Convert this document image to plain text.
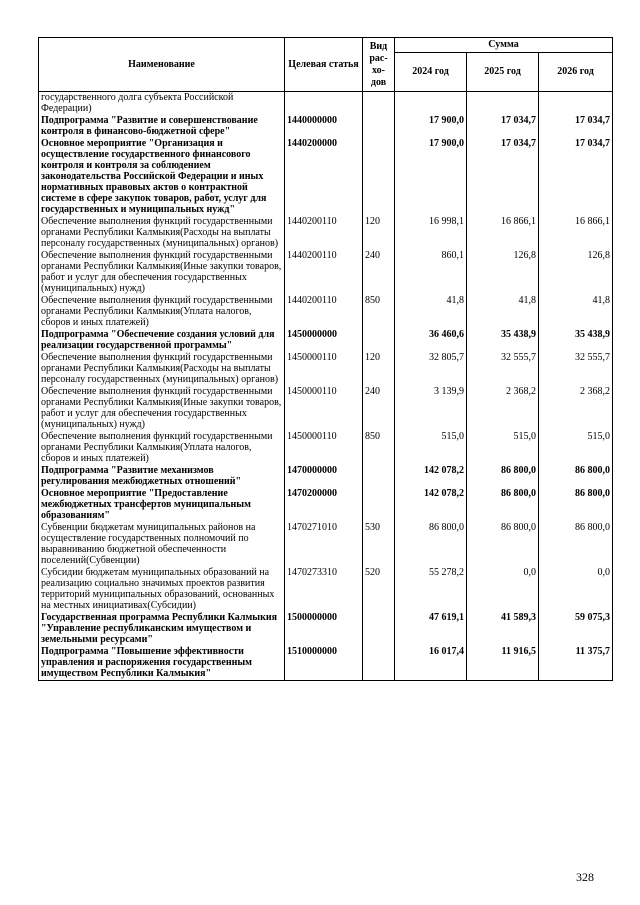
Наименование	Целевая статья	Вид
рас-
хо-
дов	Сумма		
			2024 год	2025 год	2026 год
государственного долга субъекта Российской Федерации)					
Подпрограмма "Развитие и совершенствование контроля в финансово-бюджетной сфере"	1440000000		17 900,0	17 034,7	17 034,7
Основное мероприятие "Организация и осуществление государственного финансового контроля и контроля за соблюдением законодательства Российской Федерации и иных нормативных правовых актов о контрактной системе в сфере закупок товаров, работ, услуг для государственных и муниципальных нужд"	1440200000		17 900,0	17 034,7	17 034,7
Обеспечение выполнения функций государственными органами Республики Калмыкия(Расходы на выплаты персоналу государственных (муниципальных) органов)	1440200110	120	16 998,1	16 866,1	16 866,1
Обеспечение выполнения функций государственными органами Республики Калмыкия(Иные закупки товаров, работ и услуг для обеспечения государственных (муниципальных) нужд)	1440200110	240	860,1	126,8	126,8
Обеспечение выполнения функций государственными органами Республики Калмыкия(Уплата налогов, сборов и иных платежей)	1440200110	850	41,8	41,8	41,8
Подпрограмма "Обеспечение создания условий для реализации государственной программы"	1450000000		36 460,6	35 438,9	35 438,9
Обеспечение выполнения функций государственными органами Республики Калмыкия(Расходы на выплаты персоналу государственных (муниципальных) органов)	1450000110	120	32 805,7	32 555,7	32 555,7
Обеспечение выполнения функций государственными органами Республики Калмыкия(Иные закупки товаров, работ и услуг для обеспечения государственных (муниципальных) нужд)	1450000110	240	3 139,9	2 368,2	2 368,2
Обеспечение выполнения функций государственными органами Республики Калмыкия(Уплата налогов, сборов и иных платежей)	1450000110	850	515,0	515,0	515,0
Подпрограмма "Развитие механизмов регулирования межбюджетных отношений"	1470000000		142 078,2	86 800,0	86 800,0
Основное мероприятие "Предоставление межбюджетных трансфертов муниципальным образованиям"	1470200000		142 078,2	86 800,0	86 800,0
Субвенции бюджетам муниципальных районов на осуществление государственных полномочий по выравниванию бюджетной обеспеченности поселений(Субвенции)	1470271010	530	86 800,0	86 800,0	86 800,0
Субсидии бюджетам муниципальных образований на реализацию социально значимых проектов развития территорий муниципальных образований, основанных на местных инициативах(Субсидии)	1470273310	520	55 278,2	0,0	0,0
Государственная программа Республики Калмыкия "Управление республиканским имуществом и земельными ресурсами"	1500000000		47 619,1	41 589,3	59 075,3
Подпрограмма "Повышение эффективности управления и распоряжения государственным имуществом Республики Калмыкия"	1510000000		16 017,4	11 916,5	11 375,7
328
